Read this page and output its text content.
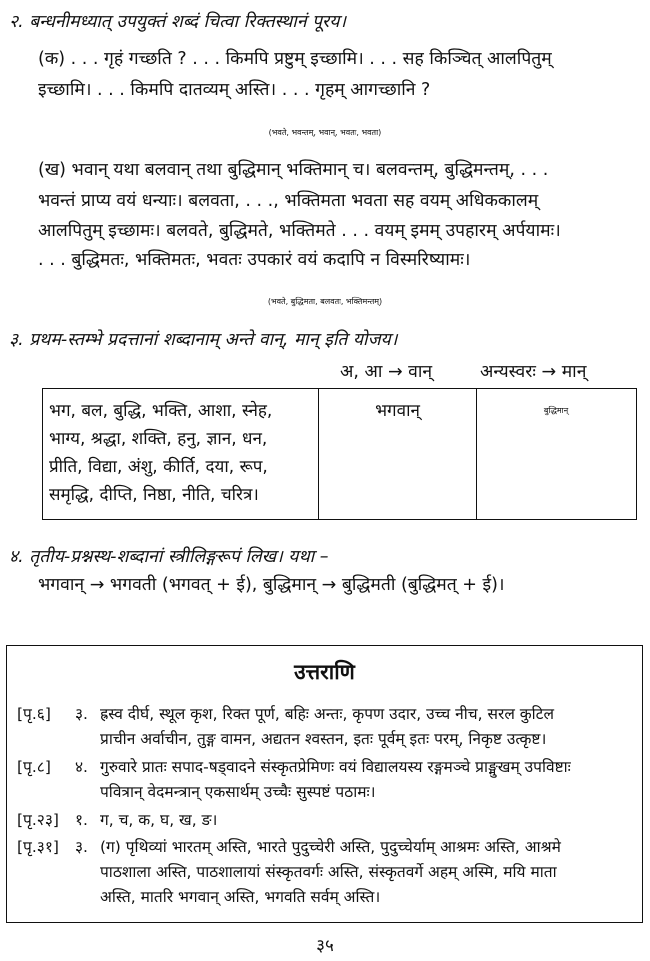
२. बन्धनीमध्यात् उपयुक्तं शब्दं चित्वा रिक्तस्थानं पूरय।
(क) . . . गृहं गच्छति ? . . . किमपि प्रष्टुम् इच्छामि। . . . सह किञ्चित् आलपितुम्
इच्छामि। . . . किमपि दातव्यम् अस्ति। . . . गृहम् आगच्छानि ?
(भवते, भवन्तम्, भवान्, भवतः, भवता)
(ख) भवान् यथा बलवान् तथा बुद्धिमान् भक्तिमान् च। बलवन्तम्, बुद्धिमन्तम्, . . .
भवन्तं प्राप्य वयं धन्याः। बलवता, . . ., भक्तिमता भवता सह वयम् अधिककालम्
आलपितुम् इच्छामः। बलवते, बुद्धिमते, भक्तिमते . . . वयम् इमम् उपहारम् अर्पयामः।
. . . बुद्धिमतः, भक्तिमतः, भवतः उपकारं वयं कदापि न विस्मरिष्यामः।
(भवते, बुद्धिमता, बलवतः, भक्तिमन्तम्)
३. प्रथम-स्तम्भे प्रदत्तानां शब्दानाम् अन्ते वान्, मान् इति योजय।
अ, आ → वान्	अन्यस्वरः → मान्
भग, बल, बुद्धि, भक्ति, आशा, स्नेह,
भाग्य, श्रद्धा, शक्ति, हनु, ज्ञान, धन,
प्रीति, विद्या, अंशु, कीर्ति, दया, रूप,
समृद्धि, दीप्ति, निष्ठा, नीति, चरित्र।
भगवान्	बुद्धिमान्
४. तृतीय-प्रश्नस्थ-शब्दानां स्त्रीलिङ्गरूपं लिख। यथा –
भगवान् → भगवती (भगवत् + ई), बुद्धिमान् → बुद्धिमती (बुद्धिमत् + ई)।
उत्तराणि
[पृ.६] ३. ह्रस्व दीर्घ, स्थूल कृश, रिक्त पूर्ण, बहिः अन्तः, कृपण उदार, उच्च नीच, सरल कुटिल
प्राचीन अर्वाचीन, तुङ्ग वामन, अद्यतन श्वस्तन, इतः पूर्वम् इतः परम्, निकृष्ट उत्कृष्ट।
[पृ.८] ४. गुरुवारे प्रातः सपाद-षड्वादने संस्कृतप्रेमिणः वयं विद्यालयस्य रङ्गमञ्चे प्राङ्मुखम् उपविष्टाः
पवित्रान् वेदमन्त्रान् एकसार्थम् उच्चैः सुस्पष्टं पठामः।
[पृ.२३] १. ग, च, क, घ, ख, ङ।
[पृ.३१] ३. (ग) पृथिव्यां भारतम् अस्ति, भारते पुदुच्चेरी अस्ति, पुदुच्चेर्याम् आश्रमः अस्ति, आश्रमे
पाठशाला अस्ति, पाठशालायां संस्कृतवर्गः अस्ति, संस्कृतवर्गे अहम् अस्मि, मयि माता
अस्ति, मातरि भगवान् अस्ति, भगवति सर्वम् अस्ति।
३५
